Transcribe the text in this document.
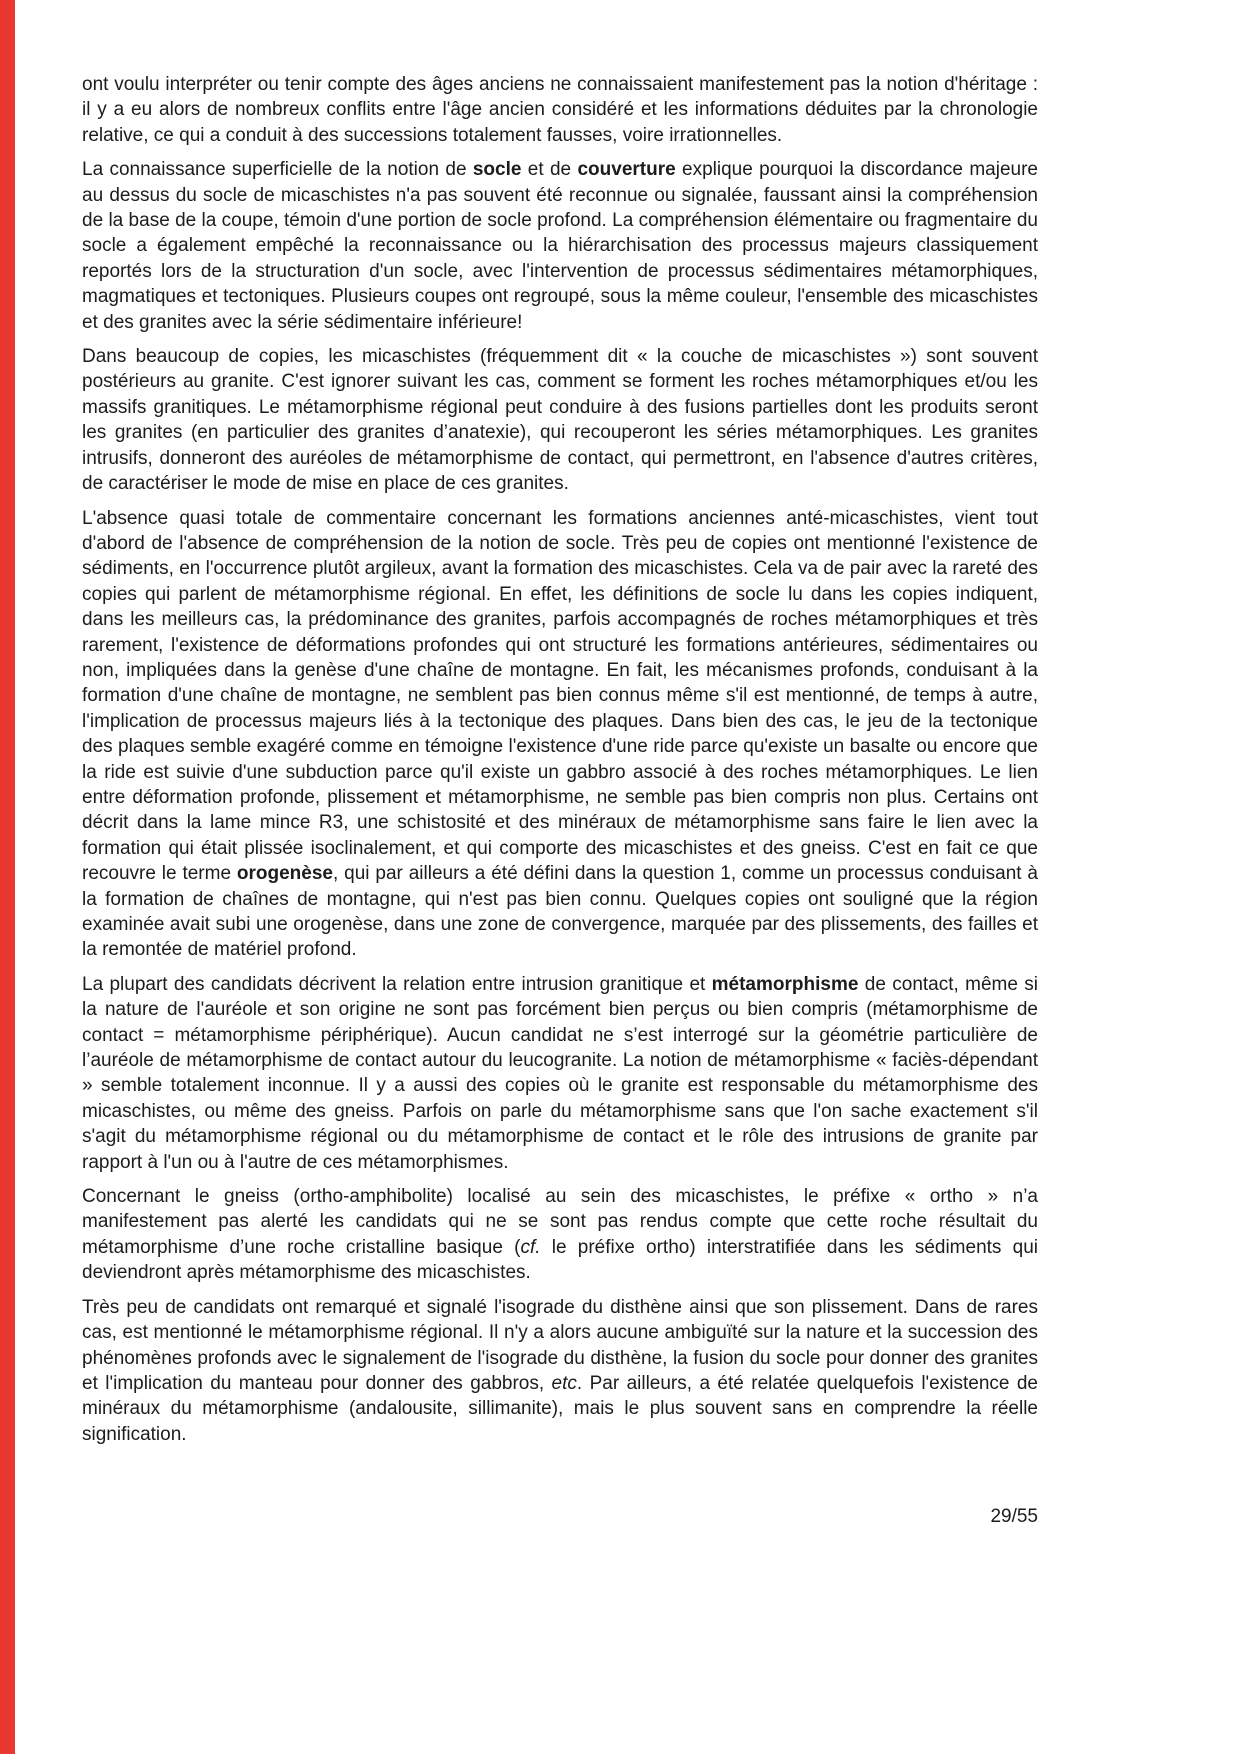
ont voulu interpréter ou tenir compte des âges anciens ne connaissaient manifestement pas la notion d'héritage : il y a eu alors de nombreux conflits entre l'âge ancien considéré et les informations déduites par la chronologie relative, ce qui a conduit à des successions totalement fausses, voire irrationnelles.

La connaissance superficielle de la notion de socle et de couverture explique pourquoi la discordance majeure au dessus du socle de micaschistes n'a pas souvent été reconnue ou signalée, faussant ainsi la compréhension de la base de la coupe, témoin d'une portion de socle profond. La compréhension élémentaire ou fragmentaire du socle a également empêché la reconnaissance ou la hiérarchisation des processus majeurs classiquement reportés lors de la structuration d'un socle, avec l'intervention de processus sédimentaires métamorphiques, magmatiques et tectoniques. Plusieurs coupes ont regroupé, sous la même couleur, l'ensemble des micaschistes et des granites avec la série sédimentaire inférieure!

Dans beaucoup de copies, les micaschistes (fréquemment dit « la couche de micaschistes ») sont souvent postérieurs au granite. C'est ignorer suivant les cas, comment se forment les roches métamorphiques et/ou les massifs granitiques. Le métamorphisme régional peut conduire à des fusions partielles dont les produits seront les granites (en particulier des granites d’anatexie), qui recouperont les séries métamorphiques. Les granites intrusifs, donneront des auréoles de métamorphisme de contact, qui permettront, en l'absence d'autres critères, de caractériser le mode de mise en place de ces granites.

L'absence quasi totale de commentaire concernant les formations anciennes anté-micaschistes, vient tout d'abord de l'absence de compréhension de la notion de socle. Très peu de copies ont mentionné l'existence de sédiments, en l'occurrence plutôt argileux, avant la formation des micaschistes. Cela va de pair avec la rareté des copies qui parlent de métamorphisme régional. En effet, les définitions de socle lu dans les copies indiquent, dans les meilleurs cas, la prédominance des granites, parfois accompagnés de roches métamorphiques et très rarement, l'existence de déformations profondes qui ont structuré les formations antérieures, sédimentaires ou non, impliquées dans la genèse d'une chaîne de montagne. En fait, les mécanismes profonds, conduisant à la formation d'une chaîne de montagne, ne semblent pas bien connus même s'il est mentionné, de temps à autre, l'implication de processus majeurs liés à la tectonique des plaques. Dans bien des cas, le jeu de la tectonique des plaques semble exagéré comme en témoigne l'existence d'une ride parce qu'existe un basalte ou encore que la ride est suivie d'une subduction parce qu'il existe un gabbro associé à des roches métamorphiques. Le lien entre déformation profonde, plissement et métamorphisme, ne semble pas bien compris non plus. Certains ont décrit dans la lame mince R3, une schistosité et des minéraux de métamorphisme sans faire le lien avec la formation qui était plissée isoclinalement, et qui comporte des micaschistes et des gneiss. C'est en fait ce que recouvre le terme orogenèse, qui par ailleurs a été défini dans la question 1, comme un processus conduisant à la formation de chaînes de montagne, qui n'est pas bien connu. Quelques copies ont souligné que la région examinée avait subi une orogenèse, dans une zone de convergence, marquée par des plissements, des failles et la remontée de matériel profond.

La plupart des candidats décrivent la relation entre intrusion granitique et métamorphisme de contact, même si la nature de l'auréole et son origine ne sont pas forcément bien perçus ou bien compris (métamorphisme de contact = métamorphisme périphérique). Aucun candidat ne s’est interrogé sur la géométrie particulière de l’auréole de métamorphisme de contact autour du leucogranite. La notion de métamorphisme « faciès-dépendant » semble totalement inconnue. Il y a aussi des copies où le granite est responsable du métamorphisme des micaschistes, ou même des gneiss. Parfois on parle du métamorphisme sans que l'on sache exactement s'il s'agit du métamorphisme régional ou du métamorphisme de contact et le rôle des intrusions de granite par rapport à l'un ou à l'autre de ces métamorphismes.

Concernant le gneiss (ortho-amphibolite) localisé au sein des micaschistes, le préfixe « ortho » n’a manifestement pas alerté les candidats qui ne se sont pas rendus compte que cette roche résultait du métamorphisme d’une roche cristalline basique (cf. le préfixe ortho) interstratifiée dans les sédiments qui deviendront après métamorphisme des micaschistes.

Très peu de candidats ont remarqué et signalé l'isograde du disthène ainsi que son plissement. Dans de rares cas, est mentionné le métamorphisme régional. Il n'y a alors aucune ambiguïté sur la nature et la succession des phénomènes profonds avec le signalement de l'isograde du disthène, la fusion du socle pour donner des granites et l'implication du manteau pour donner des gabbros, etc. Par ailleurs, a été relatée quelquefois l'existence de minéraux du métamorphisme (andalousite, sillimanite), mais le plus souvent sans en comprendre la réelle signification.

29/55
